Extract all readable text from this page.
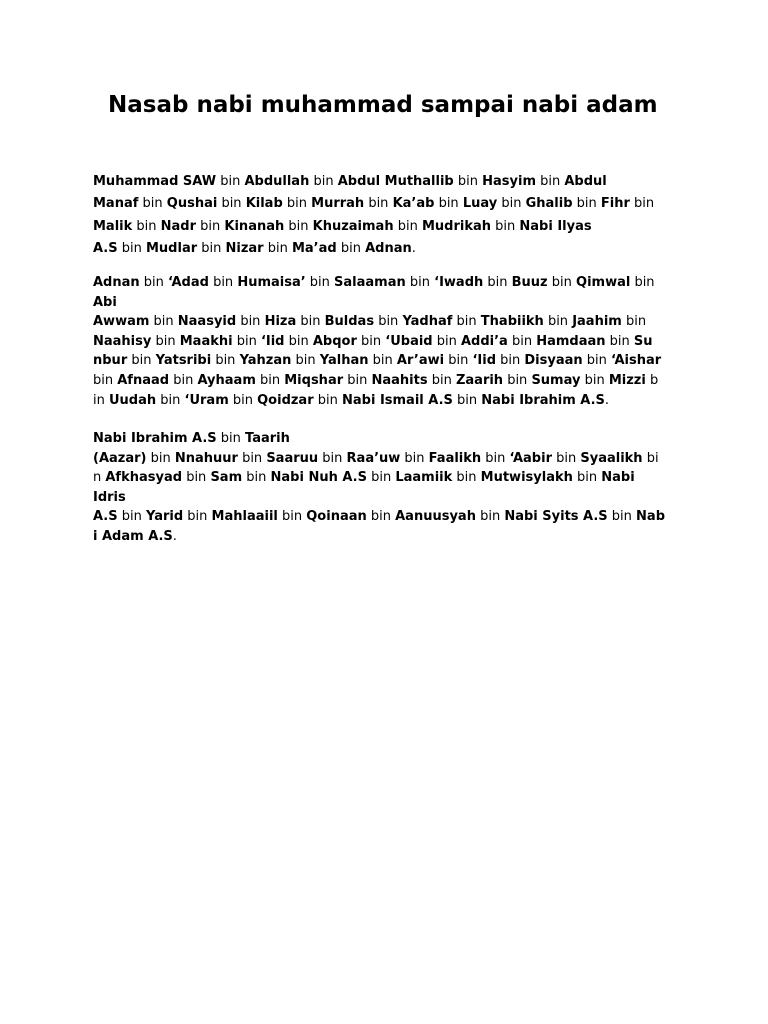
Nasab nabi muhammad sampai nabi adam
Muhammad SAW bin Abdullah bin Abdul Muthallib bin Hasyim bin Abdul
Manaf bin Qushai bin Kilab bin Murrah bin Ka’ab bin Luay bin Ghalib bin Fihr bin
Malik bin Nadr bin Kinanah bin Khuzaimah bin Mudrikah bin Nabi Ilyas
A.S bin Mudlar bin Nizar bin Ma’ad bin Adnan.
Adnan bin ‘Adad bin Humaisa’ bin Salaaman bin ‘Iwadh bin Buuz bin Qimwal bin
Abi
Awwam bin Naasyid bin Hiza bin Buldas bin Yadhaf bin Thabiikh bin Jaahim bin
Naahisy bin Maakhi bin ‘Iid bin Abqor bin ‘Ubaid bin Addi’a bin Hamdaan bin Su
nbur bin Yatsribi bin Yahzan bin Yalhan bin Ar’awi bin ‘Iid bin Disyaan bin ‘Aishar
bin Afnaad bin Ayhaam bin Miqshar bin Naahits bin Zaarih bin Sumay bin Mizzi b
in Uudah bin ‘Uram bin Qoidzar bin Nabi Ismail A.S bin Nabi Ibrahim A.S.
Nabi Ibrahim A.S bin Taarih
(Aazar) bin Nnahuur bin Saaruu bin Raa’uw bin Faalikh bin ‘Aabir bin Syaalikh bi
n Afkhasyad bin Sam bin Nabi Nuh A.S bin Laamiik bin Mutwisylakh bin Nabi
Idris
A.S bin Yarid bin Mahlaaiil bin Qoinaan bin Aanuusyah bin Nabi Syits A.S bin Nab
i Adam A.S.
